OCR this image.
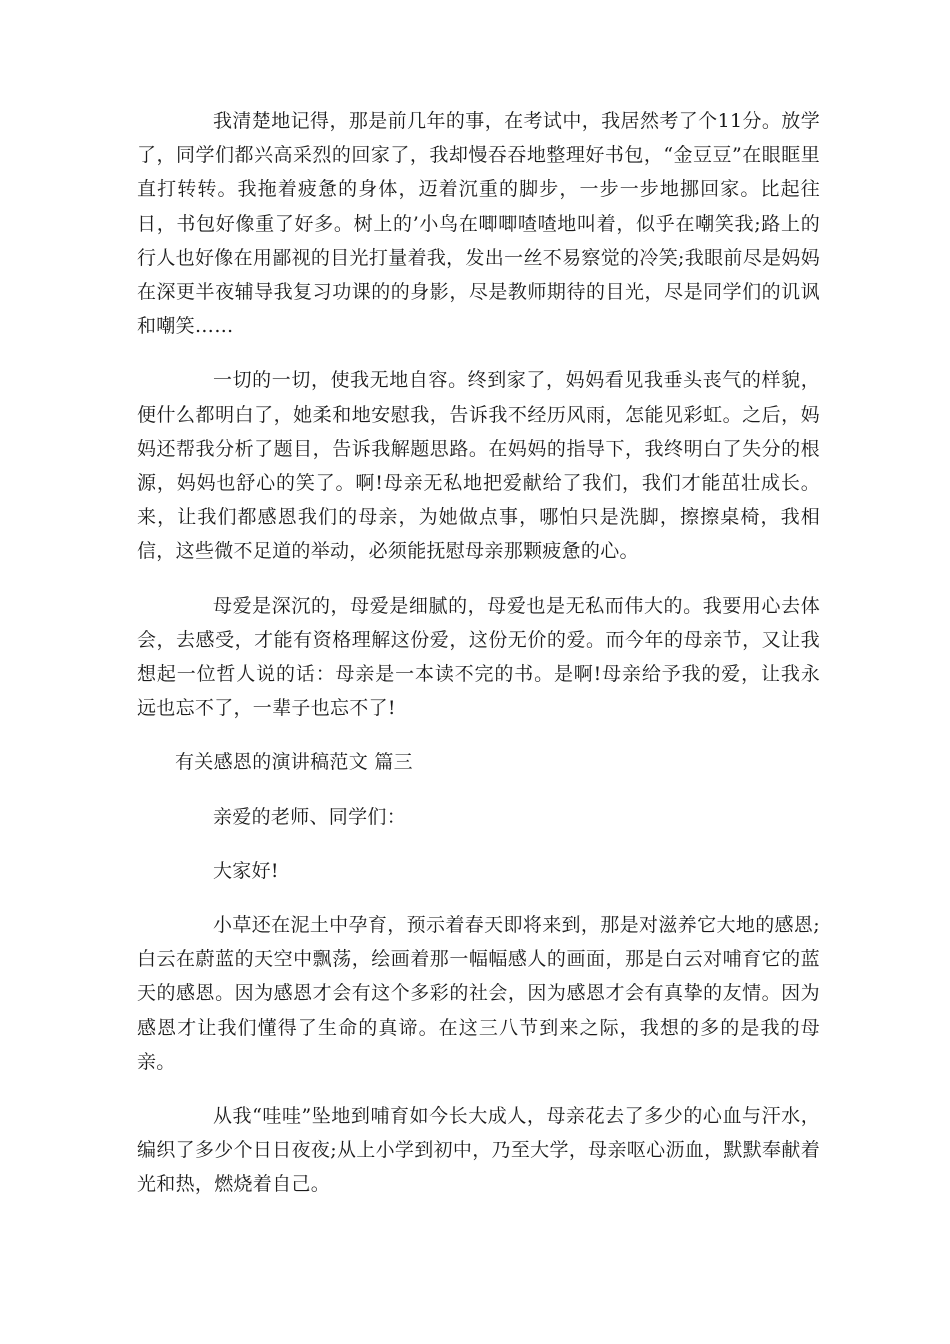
我清楚地记得，那是前几年的事，在考试中，我居然考了个11分。放学了，同学们都兴高采烈的回家了，我却慢吞吞地整理好书包，“金豆豆”在眼眶里直打转转。我拖着疲惫的身体，迈着沉重的脚步，一步一步地挪回家。比起往日，书包好像重了好多。树上的’小鸟在唧唧喳喳地叫着，似乎在嘲笑我;路上的行人也好像在用鄙视的目光打量着我，发出一丝不易察觉的冷笑;我眼前尽是妈妈在深更半夜辅导我复习功课的的身影，尽是教师期待的目光，尽是同学们的讥讽和嘲笑……

一切的一切，使我无地自容。终到家了，妈妈看见我垂头丧气的样貌，便什么都明白了，她柔和地安慰我，告诉我不经历风雨，怎能见彩虹。之后，妈妈还帮我分析了题目，告诉我解题思路。在妈妈的指导下，我终明白了失分的根源，妈妈也舒心的笑了。啊!母亲无私地把爱献给了我们，我们才能茁壮成长。来，让我们都感恩我们的母亲，为她做点事，哪怕只是洗脚，擦擦桌椅，我相信，这些微不足道的举动，必须能抚慰母亲那颗疲惫的心。

母爱是深沉的，母爱是细腻的，母爱也是无私而伟大的。我要用心去体会，去感受，才能有资格理解这份爱，这份无价的爱。而今年的母亲节，又让我想起一位哲人说的话：母亲是一本读不完的书。是啊!母亲给予我的爱，让我永远也忘不了，一辈子也忘不了!

有关感恩的演讲稿范文 篇三

亲爱的老师、同学们：

大家好!

小草还在泥土中孕育，预示着春天即将来到，那是对滋养它大地的感恩;白云在蔚蓝的天空中飘荡，绘画着那一幅幅感人的画面，那是白云对哺育它的蓝天的感恩。因为感恩才会有这个多彩的社会，因为感恩才会有真挚的友情。因为感恩才让我们懂得了生命的真谛。在这三八节到来之际，我想的多的是我的母亲。

从我“哇哇”坠地到哺育如今长大成人，母亲花去了多少的心血与汗水，编织了多少个日日夜夜;从上小学到初中，乃至大学，母亲呕心沥血，默默奉献着光和热，燃烧着自己。
